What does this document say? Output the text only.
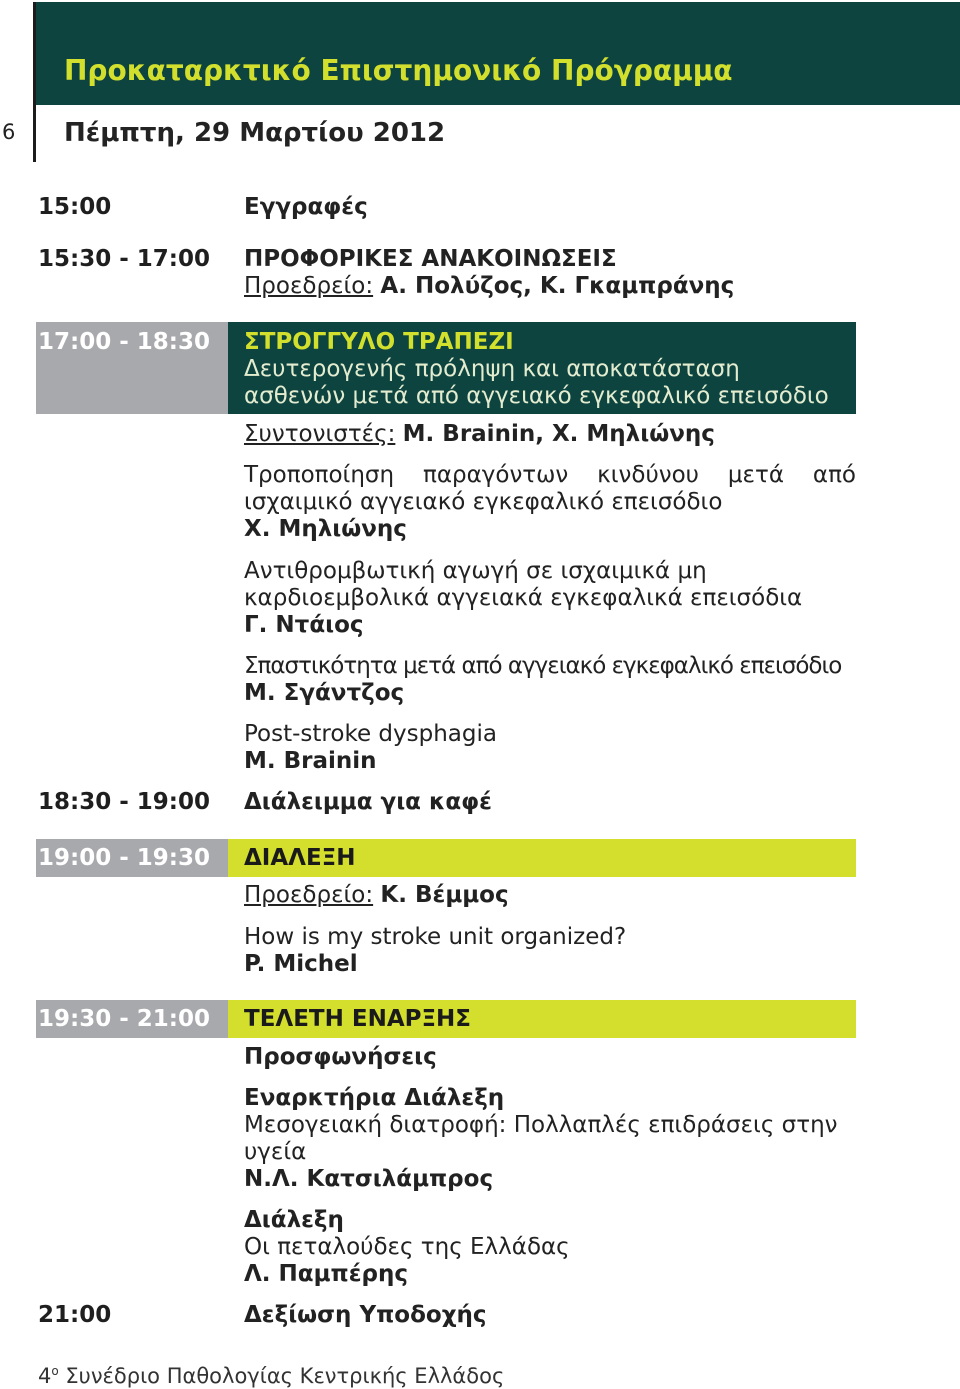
6
Προκαταρκτικό Επιστημονικό Πρόγραμμα
Πέμπτη, 29 Μαρτίου 2012
15:00	Εγγραφές
15:30 - 17:00 ΠΡΟΦΟΡΙΚΕΣ ΑΝΑΚΟΙΝΩΣΕΙΣ
Προεδρείο: Α. Πολύζος, Κ. Γκαμπράνης
17:00 - 18:30 ΣΤΡΟΓΓΥΛΟ ΤΡΑΠΕΖΙ
Δευτερογενής πρόληψη και αποκατάσταση
ασθενών μετά από αγγειακό εγκεφαλικό επεισόδιο
Συντονιστές: M. Brainin, Χ. Μηλιώνης
Τροποποίηση παραγόντων κινδύνου μετά από
ισχαιμικό αγγειακό εγκεφαλικό επεισόδιο
Χ. Μηλιώνης
Αντιθρομβωτική αγωγή σε ισχαιμικά μη
καρδιοεμβολικά αγγειακά εγκεφαλικά επεισόδια
Γ. Ντάιος
Σπαστικότητα μετά από αγγειακό εγκεφαλικό επεισόδιο
Μ. Σγάντζος
Post-stroke dysphagia
M. Brainin
18:30 - 19:00 Διάλειμμα για καφέ
19:00 - 19:30 ΔΙΑΛΕΞΗ
Προεδρείο: Κ. Βέμμος
How is my stroke unit organized?
P. Michel
19:30 - 21:00 ΤΕΛΕΤΗ ΕΝΑΡΞΗΣ
Προσφωνήσεις
Εναρκτήρια Διάλεξη
Μεσογειακή διατροφή: Πολλαπλές επιδράσεις στην
υγεία
Ν.Λ. Κατσιλάμπρος
Διάλεξη
Οι πεταλούδες της Ελλάδας
Λ. Παμπέρης
21:00	Δεξίωση Υποδοχής
$4^o$ Συνέδριο Παθολογίας Κεντρικής Ελλάδος
